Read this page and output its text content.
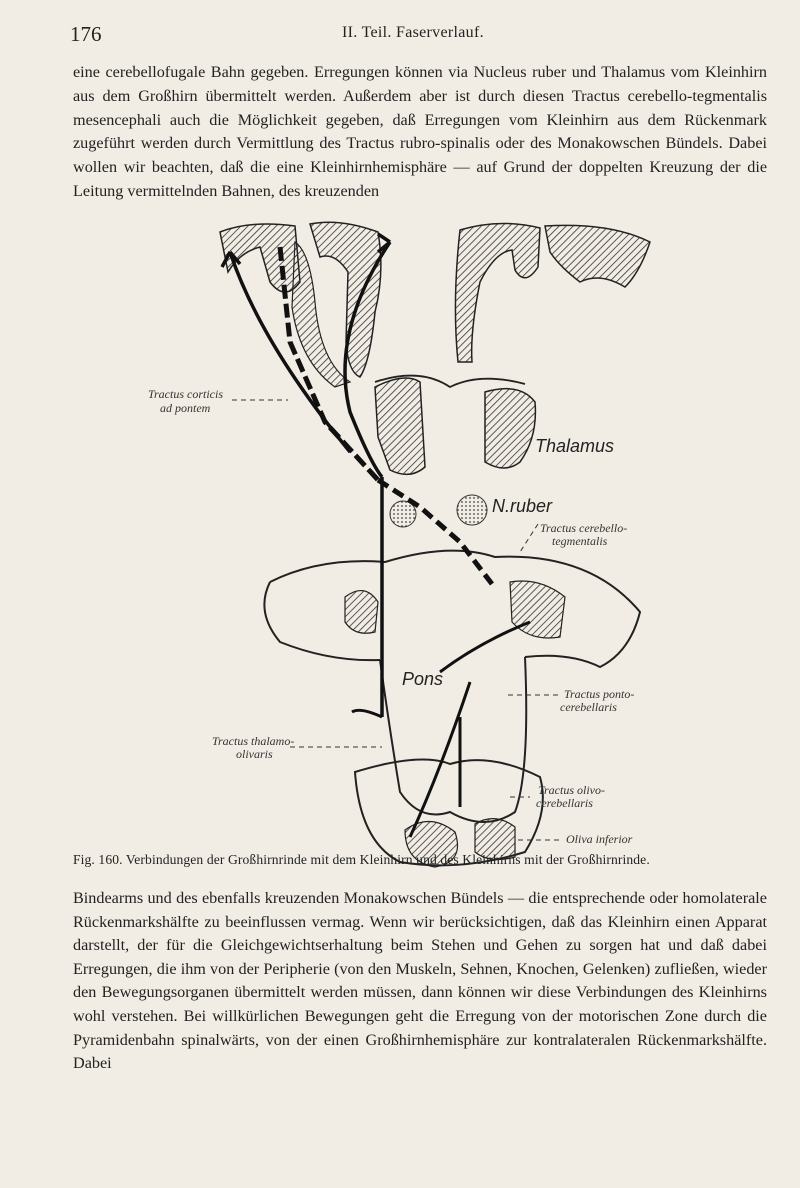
176	II. Teil. Faserverlauf.

eine cerebellofugale Bahn gegeben. Erregungen können via Nucleus ruber und Thalamus vom Kleinhirn aus dem Großhirn übermittelt werden. Außerdem aber ist durch diesen Tractus cerebello-tegmentalis mesencephali auch die Möglichkeit gegeben, daß Erregungen vom Kleinhirn aus dem Rückenmark zugeführt werden durch Vermittlung des Tractus rubro-spinalis oder des Monakowschen Bündels. Dabei wollen wir beachten, daß die eine Kleinhirnhemisphäre — auf Grund der doppelten Kreuzung der die Leitung vermittelnden Bahnen, des kreuzenden

Tractus corticis
ad pontem
Thalamus
N.ruber
Tractus cerebello-
tegmentalis
Pons
Tractus ponto-
cerebellaris
Tractus thalamo-
olivaris
Tractus olivo-
cerebellaris
Oliva inferior
Fig. 160. Verbindungen der Großhirnrinde mit dem Kleinhirn und des Kleinhirns mit der Großhirnrinde.

Bindearms und des ebenfalls kreuzenden Monakowschen Bündels — die entsprechende oder homolaterale Rückenmarkshälfte zu beeinflussen vermag. Wenn wir berücksichtigen, daß das Kleinhirn einen Apparat darstellt, der für die Gleichgewichtserhaltung beim Stehen und Gehen zu sorgen hat und daß dabei Erregungen, die ihm von der Peripherie (von den Muskeln, Sehnen, Knochen, Gelenken) zufließen, wieder den Bewegungsorganen übermittelt werden müssen, dann können wir diese Verbindungen des Kleinhirns wohl verstehen. Bei willkürlichen Bewegungen geht die Erregung von der motorischen Zone durch die Pyramidenbahn spinalwärts, von der einen Großhirnhemisphäre zur kontralateralen Rückenmarkshälfte. Dabei
